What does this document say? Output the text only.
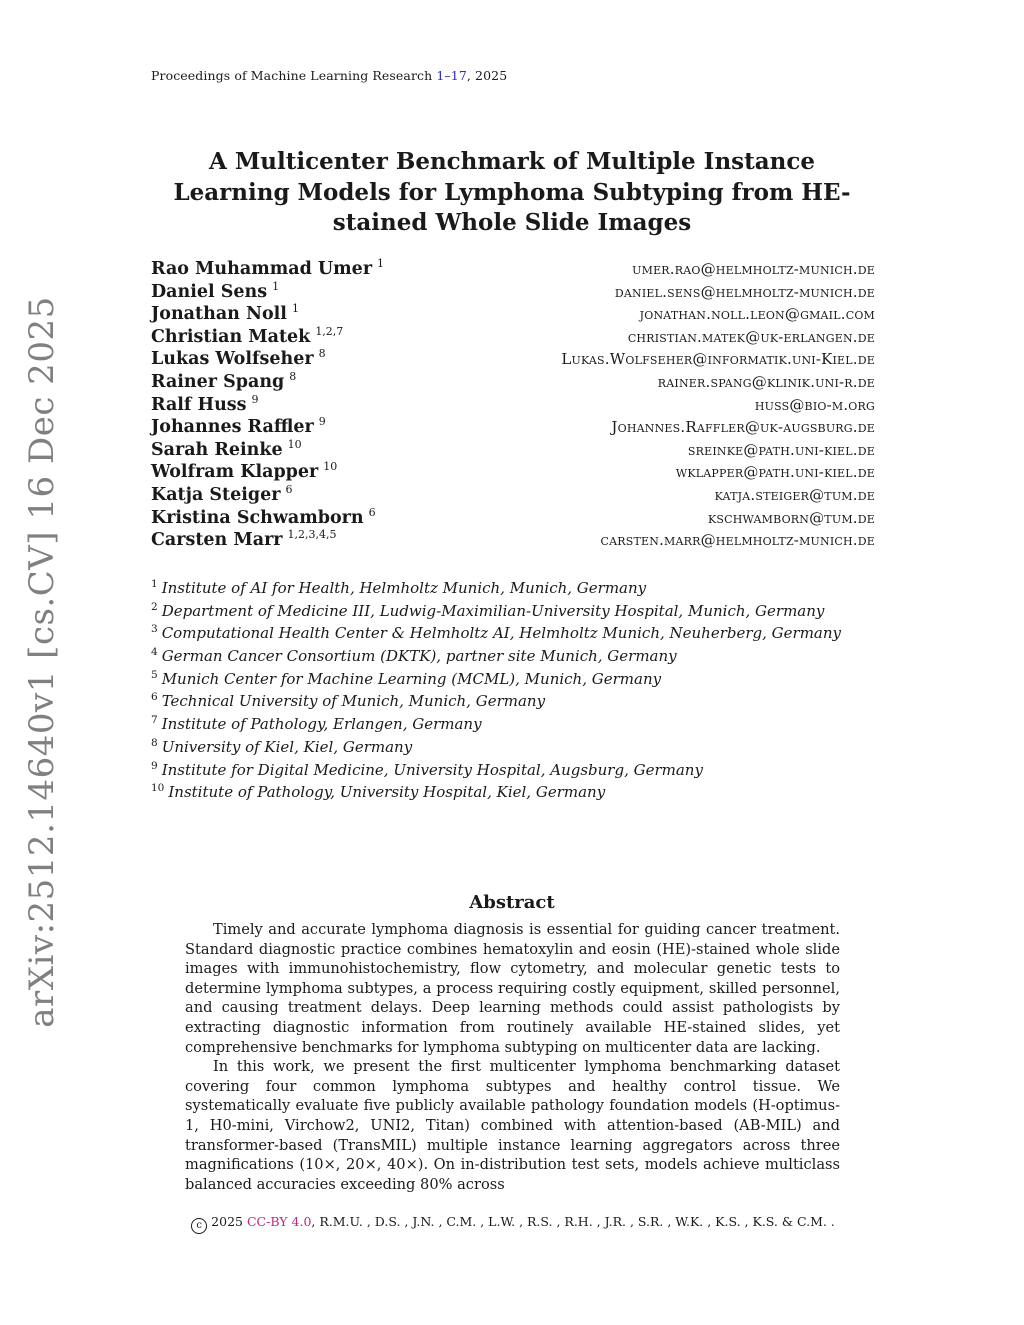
Proceedings of Machine Learning Research 1–17, 2025
arXiv:2512.14640v1 [cs.CV] 16 Dec 2025
A Multicenter Benchmark of Multiple Instance Learning Models for Lymphoma Subtyping from HE-stained Whole Slide Images
Rao Muhammad Umer $^1$	umer.rao@helmholtz-munich.de
Daniel Sens $^1$	daniel.sens@helmholtz-munich.de
Jonathan Noll $^1$	jonathan.noll.leon@gmail.com
Christian Matek $^{1,2,7}$	christian.matek@uk-erlangen.de
Lukas Wolfseher $^8$	Lukas.Wolfseher@informatik.uni-Kiel.de
Rainer Spang $^8$	rainer.spang@klinik.uni-r.de
Ralf Huss $^9$	huss@bio-m.org
Johannes Raffler $^9$	Johannes.Raffler@uk-augsburg.de
Sarah Reinke $^{10}$	sreinke@path.uni-kiel.de
Wolfram Klapper $^{10}$	wklapper@path.uni-kiel.de
Katja Steiger $^6$	katja.steiger@tum.de
Kristina Schwamborn $^6$	kschwamborn@tum.de
Carsten Marr $^{1,2,3,4,5}$	carsten.marr@helmholtz-munich.de
$^1$ Institute of AI for Health, Helmholtz Munich, Munich, Germany
$^2$ Department of Medicine III, Ludwig-Maximilian-University Hospital, Munich, Germany
$^3$ Computational Health Center & Helmholtz AI, Helmholtz Munich, Neuherberg, Germany
$^4$ German Cancer Consortium (DKTK), partner site Munich, Germany
$^5$ Munich Center for Machine Learning (MCML), Munich, Germany
$^6$ Technical University of Munich, Munich, Germany
$^7$ Institute of Pathology, Erlangen, Germany
$^8$ University of Kiel, Kiel, Germany
$^9$ Institute for Digital Medicine, University Hospital, Augsburg, Germany
$^{10}$ Institute of Pathology, University Hospital, Kiel, Germany
Abstract

Timely and accurate lymphoma diagnosis is essential for guiding cancer treatment. Standard diagnostic practice combines hematoxylin and eosin (HE)-stained whole slide images with immunohistochemistry, flow cytometry, and molecular genetic tests to determine lymphoma subtypes, a process requiring costly equipment, skilled personnel, and causing treatment delays. Deep learning methods could assist pathologists by extracting diagnostic information from routinely available HE-stained slides, yet comprehensive benchmarks for lymphoma subtyping on multicenter data are lacking.

In this work, we present the first multicenter lymphoma benchmarking dataset covering four common lymphoma subtypes and healthy control tissue. We systematically evaluate five publicly available pathology foundation models (H-optimus-1, H0-mini, Virchow2, UNI2, Titan) combined with attention-based (AB-MIL) and transformer-based (TransMIL) multiple instance learning aggregators across three magnifications (10×, 20×, 40×). On in-distribution test sets, models achieve multiclass balanced accuracies exceeding 80% across

c 2025 CC-BY 4.0, R.M.U. , D.S. , J.N. , C.M. , L.W. , R.S. , R.H. , J.R. , S.R. , W.K. , K.S. , K.S. & C.M. .
